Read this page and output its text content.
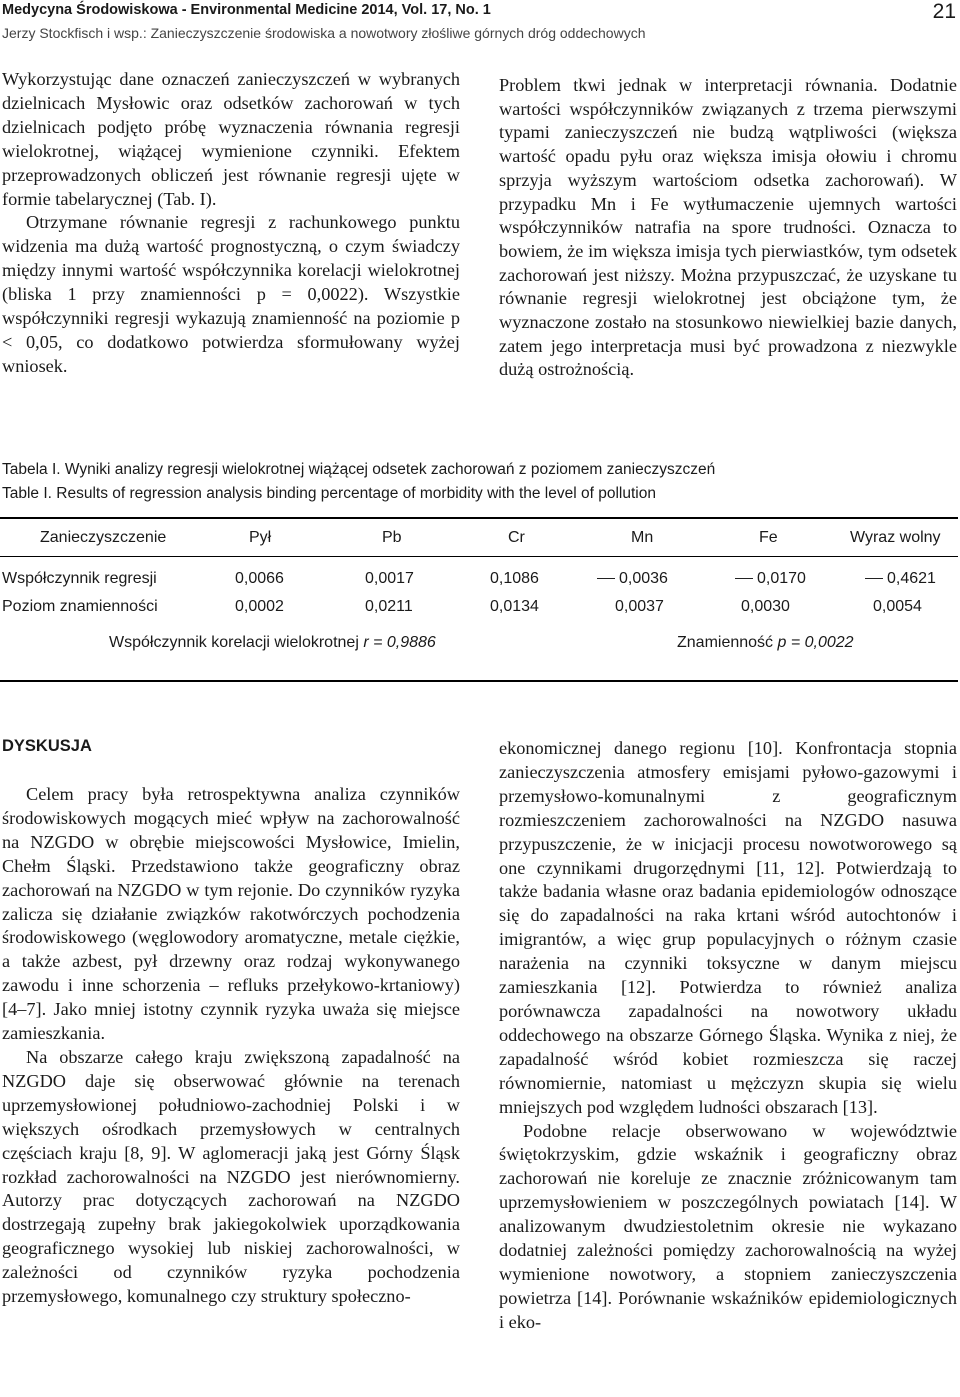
Medycyna Środowiskowa - Environmental Medicine 2014, Vol. 17, No. 1
Jerzy Stockfisch i wsp.: Zanieczyszczenie środowiska a nowotwory złośliwe górnych dróg oddechowych
21

Wykorzystując dane oznaczeń zanieczyszczeń w wybranych dzielnicach Mysłowic oraz odsetków zachorowań w tych dzielnicach podjęto próbę wyznaczenia równania regresji wielokrotnej, wiążącej wymienione czynniki. Efektem przeprowadzonych obliczeń jest równanie regresji ujęte w formie tabelarycznej (Tab. I).

Otrzymane równanie regresji z rachunkowego punktu widzenia ma dużą wartość prognostyczną, o czym świadczy między innymi wartość współczynnika korelacji wielokrotnej (bliska 1 przy znamienności p = 0,0022). Wszystkie współczynniki regresji wykazują znamienność na poziomie p < 0,05, co dodatkowo potwierdza sformułowany wyżej wniosek.

Problem tkwi jednak w interpretacji równania. Dodatnie wartości współczynników związanych z trzema pierwszymi typami zanieczyszczeń nie budzą wątpliwości (większa wartość opadu pyłu oraz większa imisja ołowiu i chromu sprzyja wyższym wartościom odsetka zachorowań). W przypadku Mn i Fe wytłumaczenie ujemnych wartości współczynników natrafia na spore trudności. Oznacza to bowiem, że im większa imisja tych pierwiastków, tym odsetek zachorowań jest niższy. Można przypuszczać, że uzyskane tu równanie regresji wielokrotnej jest obciążone tym, że wyznaczone zostało na stosunkowo niewielkiej bazie danych, zatem jego interpretacja musi być prowadzona z niezwykle dużą ostrożnością.

Tabela I. Wyniki analizy regresji wielokrotnej wiążącej odsetek zachorowań z poziomem zanieczyszczeń
Table I. Results of regression analysis binding percentage of morbidity with the level of pollution
Zanieczyszczenie	Pył	Pb	Cr	Mn	Fe	Wyraz wolny
Współczynnik regresji	0,0066	0,0017	0,1086	0,0036	0,0170	0,4621
Poziom znamienności	0,0002	0,0211	0,0134	0,0037	0,0030	0,0054
Współczynnik korelacji wielokrotnej r = 0,9886	Znamienność p = 0,0022
DYSKUSJA

Celem pracy była retrospektywna analiza czynników środowiskowych mogących mieć wpływ na zachorowalność na NZGDO w obrębie miejscowości Mysłowice, Imielin, Chełm Śląski. Przedstawiono także geograficzny obraz zachorowań na NZGDO w tym rejonie. Do czynników ryzyka zalicza się działanie związków rakotwórczych pochodzenia środowiskowego (węglowodory aromatyczne, metale ciężkie, a także azbest, pył drzewny oraz rodzaj wykonywanego zawodu i inne schorzenia – refluks przełykowo-krtaniowy) [4–7]. Jako mniej istotny czynnik ryzyka uważa się miejsce zamieszkania.

Na obszarze całego kraju zwiększoną zapadalność na NZGDO daje się obserwować głównie na terenach uprzemysłowionej południowo-zachodniej Polski i w większych ośrodkach przemysłowych w centralnych częściach kraju [8, 9]. W aglomeracji jaką jest Górny Śląsk rozkład zachorowalności na NZGDO jest nierównomierny. Autorzy prac dotyczących zachorowań na NZGDO dostrzegają zupełny brak jakiegokolwiek uporządkowania geograficznego wysokiej lub niskiej zachorowalności, w zależności od czynników ryzyka pochodzenia przemysłowego, komunalnego czy struktury społeczno-

ekonomicznej danego regionu [10]. Konfrontacja stopnia zanieczyszczenia atmosfery emisjami pyłowo-gazowymi i przemysłowo-komunalnymi z geograficznym rozmieszczeniem zachorowalności na NZGDO nasuwa przypuszczenie, że w inicjacji procesu nowotworowego są one czynnikami drugorzędnymi [11, 12]. Potwierdzają to także badania własne oraz badania epidemiologów odnoszące się do zapadalności na raka krtani wśród autochtonów i imigrantów, a więc grup populacyjnych o różnym czasie narażenia na czynniki toksyczne w danym miejscu zamieszkania [12]. Potwierdza to również analiza porównawcza zapadalności na nowotwory układu oddechowego na obszarze Górnego Śląska. Wynika z niej, że zapadalność wśród kobiet rozmieszcza się raczej równomiernie, natomiast u mężczyzn skupia się wielu mniejszych pod względem ludności obszarach [13].

Podobne relacje obserwowano w województwie świętokrzyskim, gdzie wskaźnik i geograficzny obraz zachorowań nie koreluje ze znacznie zróżnicowanym tam uprzemysłowieniem w poszczególnych powiatach [14]. W analizowanym dwudziestoletnim okresie nie wykazano dodatniej zależności pomiędzy zachorowalnością na wyżej wymienione nowotwory, a stopniem zanieczyszczenia powietrza [14]. Porównanie wskaźników epidemiologicznych i eko-
